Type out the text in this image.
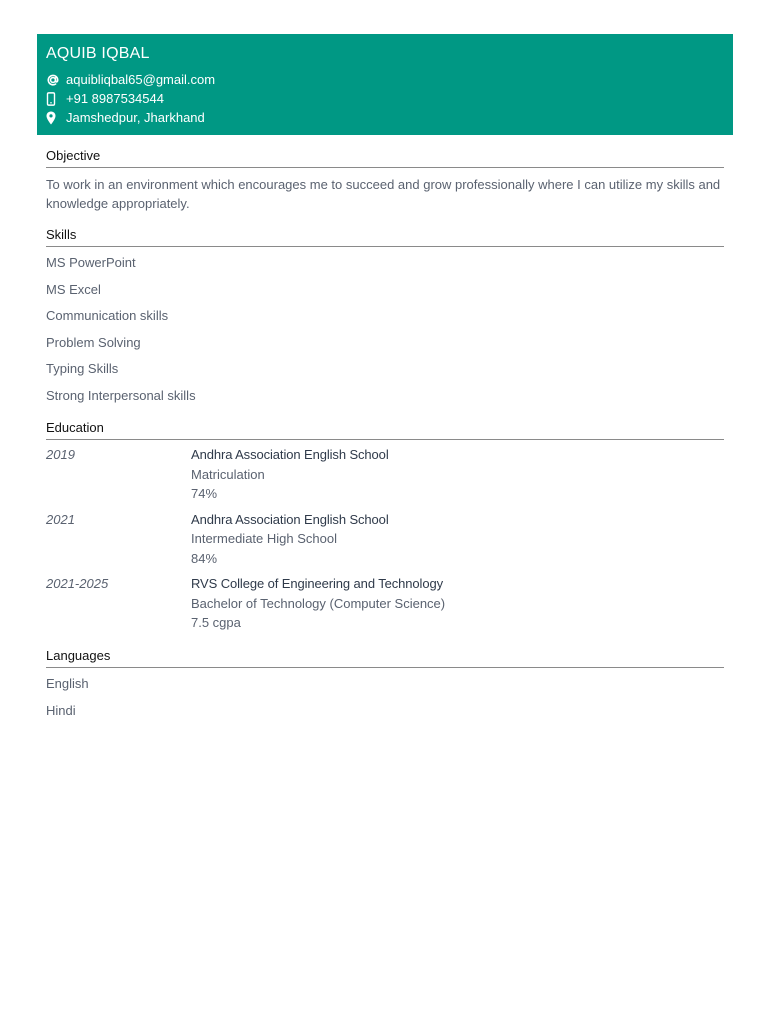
AQUIB IQBAL
aquibliqbal65@gmail.com
+91 8987534544
Jamshedpur, Jharkhand
Objective
To work in an environment which encourages me to succeed and grow professionally where I can utilize my skills and knowledge appropriately.
Skills
MS PowerPoint
MS Excel
Communication skills
Problem Solving
Typing Skills
Strong Interpersonal skills
Education
2019	Andhra Association English School
Matriculation
74%
2021	Andhra Association English School
Intermediate High School
84%
2021-2025	RVS College of Engineering and Technology
Bachelor of Technology (Computer Science)
7.5 cgpa
Languages
English
Hindi
